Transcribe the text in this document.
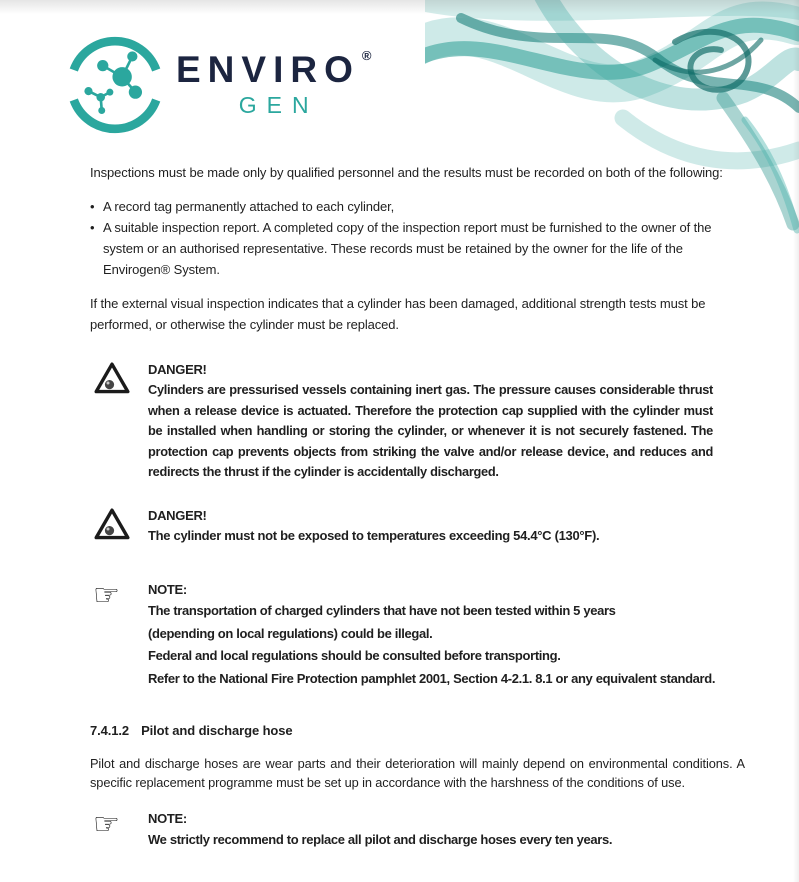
ENVIRO ®
GEN

Inspections must be made only by qualified personnel and the results must be recorded on both of the following:

• A record tag permanently attached to each cylinder,
• A suitable inspection report. A completed copy of the inspection report must be furnished to the owner of the system or an authorised representative. These records must be retained by the owner for the life of the Envirogen® System.

If the external visual inspection indicates that a cylinder has been damaged, additional strength tests must be performed, or otherwise the cylinder must be replaced.

DANGER!
Cylinders are pressurised vessels containing inert gas. The pressure causes considerable thrust when a release device is actuated. Therefore the protection cap supplied with the cylinder must be installed when handling or storing the cylinder, or whenever it is not securely fastened. The protection cap prevents objects from striking the valve and/or release device, and reduces and redirects the thrust if the cylinder is accidentally discharged.
DANGER!
The cylinder must not be exposed to temperatures exceeding 54.4°C (130°F).
☞	NOTE:
The transportation of charged cylinders that have not been tested within 5 years
(depending on local regulations) could be illegal.
Federal and local regulations should be consulted before transporting.
Refer to the National Fire Protection pamphlet 2001, Section 4-2.1. 8.1 or any equivalent standard.
7.4.1.2 Pilot and discharge hose

Pilot and discharge hoses are wear parts and their deterioration will mainly depend on environmental conditions. A specific replacement programme must be set up in accordance with the harshness of the conditions of use.

☞	NOTE:
We strictly recommend to replace all pilot and discharge hoses every ten years.
